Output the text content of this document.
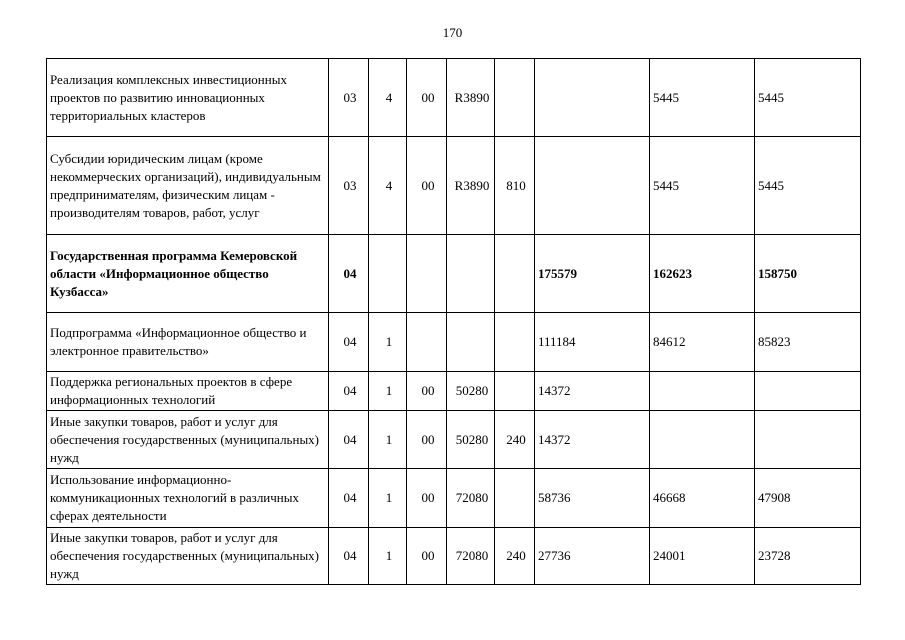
170
Реализация комплексных инвестиционных проектов по развитию инновационных территориальных кластеров	03	4	00	R3890			5445	5445
Субсидии юридическим лицам (кроме некоммерческих организаций), индивидуальным предпринимателям, физическим лицам - производителям товаров, работ, услуг	03	4	00	R3890	810		5445	5445
Государственная программа Кемеровской области «Информационное общество Кузбасса»	04					175579	162623	158750
Подпрограмма «Информационное общество и электронное правительство»	04	1				111184	84612	85823
Поддержка региональных проектов в сфере информационных технологий	04	1	00	50280		14372		
Иные закупки товаров, работ и услуг для обеспечения государственных (муниципальных) нужд	04	1	00	50280	240	14372		
Использование информационно-коммуникационных технологий в различных сферах деятельности	04	1	00	72080		58736	46668	47908
Иные закупки товаров, работ и услуг для обеспечения государственных (муниципальных) нужд	04	1	00	72080	240	27736	24001	23728
